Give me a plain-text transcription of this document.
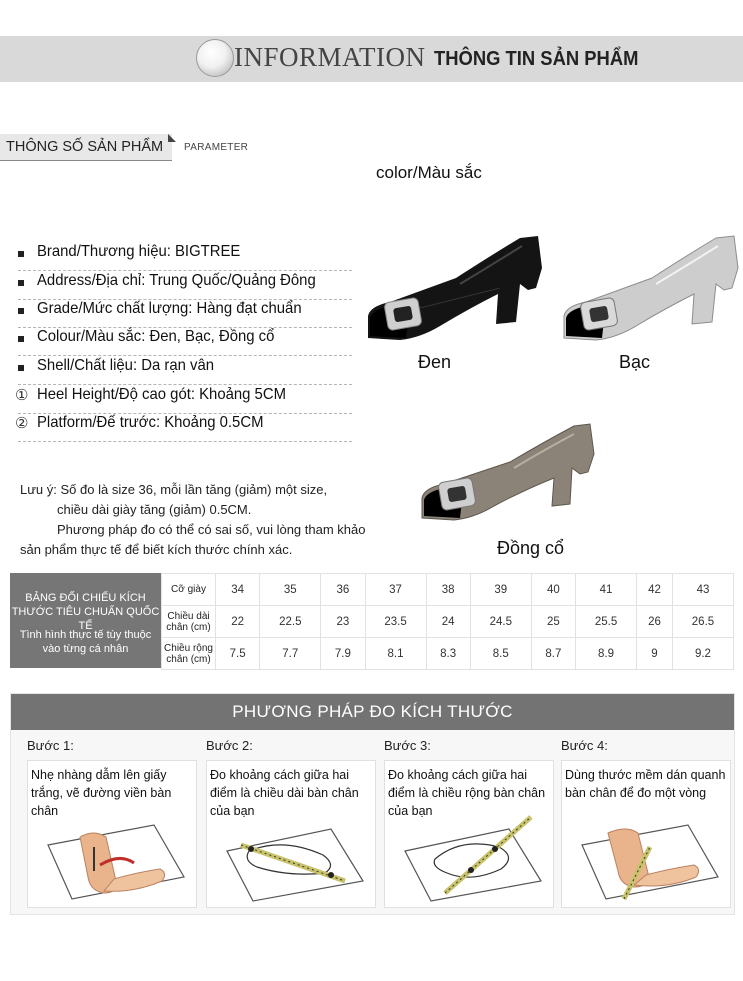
INFORMATION THÔNG TIN SẢN PHẨM
THÔNG SỐ SẢN PHẨM PARAMETER
color/Màu sắc
Brand/Thương hiệu: BIGTREE
Address/Địa chỉ: Trung Quốc/Quảng Đông
Grade/Mức chất lượng: Hàng đạt chuẩn
Colour/Màu sắc: Đen, Bạc, Đồng cổ
Shell/Chất liệu: Da rạn vân
① Heel Height/Độ cao gót: Khoảng 5CM
② Platform/Đế trước: Khoảng 0.5CM
Đen	Bạc
Đồng cổ
Lưu ý: Số đo là size 36, mỗi lần tăng (giảm) một size,

chiều dài giày tăng (giảm) 0.5CM.
Phương pháp đo có thể có sai số, vui lòng tham khảo
sản phẩm thực tế để biết kích thước chính xác.
BẢNG ĐỐI CHIẾU KÍCH
THƯỚC TIÊU CHUẨN QUỐC TẾ
Tình hình thực tế tùy thuộc
vào từng cá nhân
Cỡ giày	34	35	36	37	38	39	40	41	42	43
Chiều dài chân (cm)	22	22.5	23	23.5	24	24.5	25	25.5	26	26.5
Chiều rộng chân (cm)	7.5	7.7	7.9	8.1	8.3	8.5	8.7	8.9	9	9.2
PHƯƠNG PHÁP ĐO KÍCH THƯỚC
Bước 1:
Nhẹ nhàng dẫm lên giấy trắng, vẽ đường viền bàn chân
Bước 2:
Đo khoảng cách giữa hai điểm là chiều dài bàn chân của bạn
Bước 3:
Đo khoảng cách giữa hai điểm là chiều rộng bàn chân của bạn
Bước 4:
Dùng thước mềm dán quanh bàn chân để đo một vòng
